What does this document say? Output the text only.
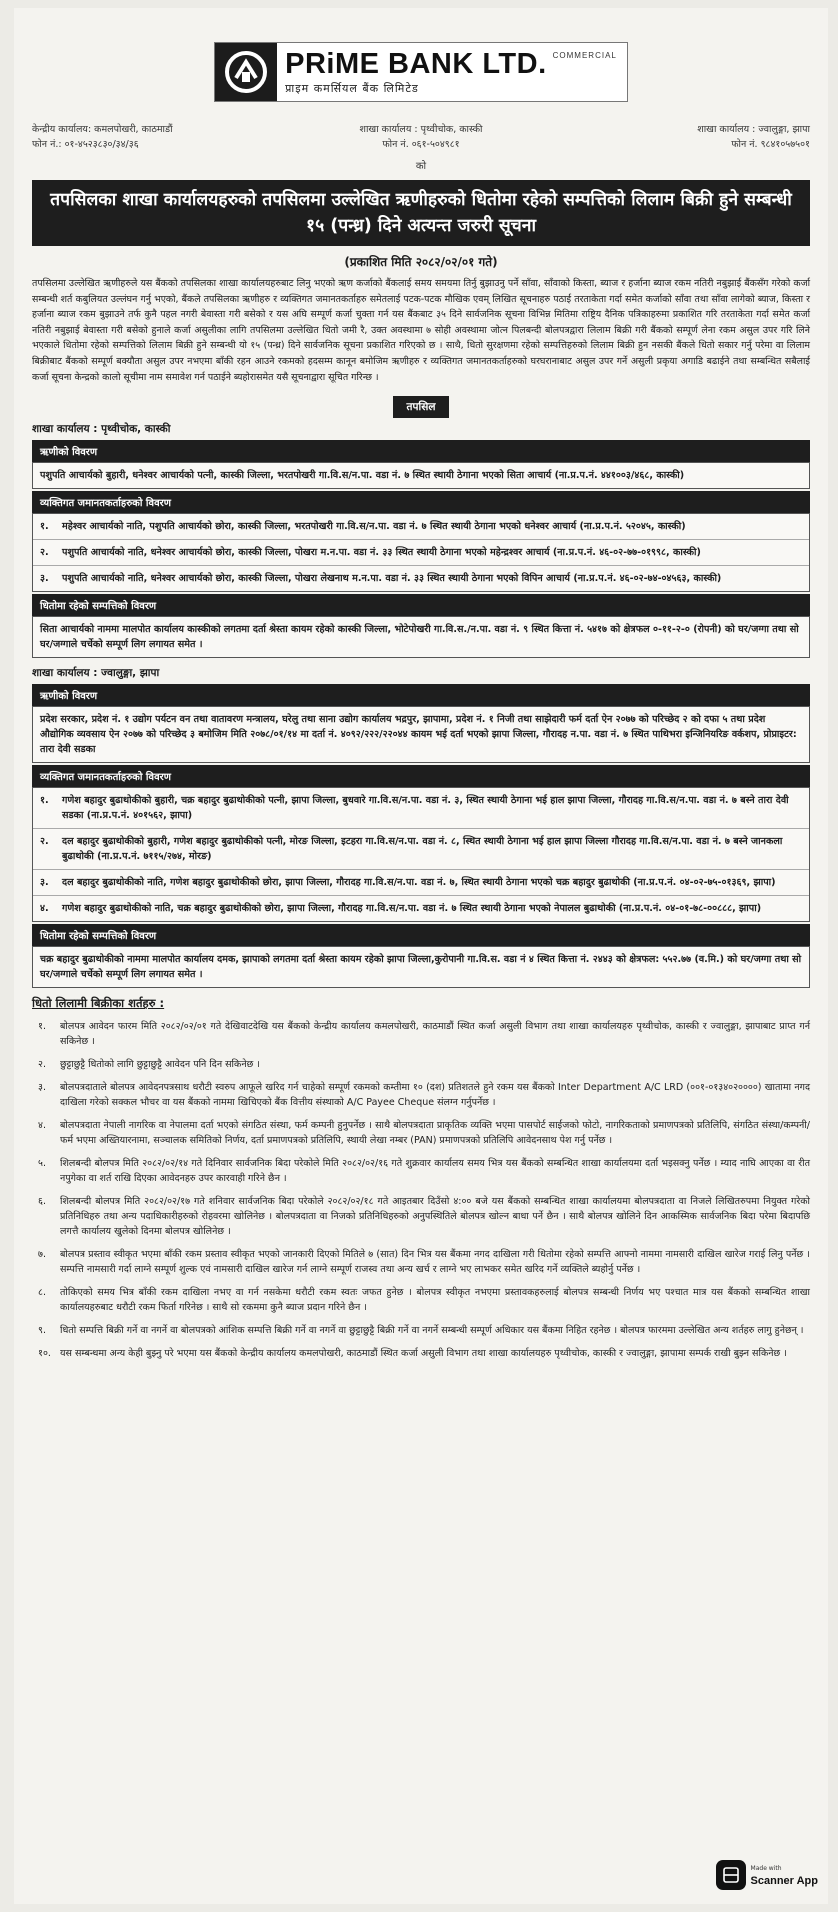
PRiME BANK LTD. COMMERCIAL
प्राइम कमर्सियल बैंक लिमिटेड
केन्द्रीय कार्यालय: कमलपोखरी, काठमाडौं
फोन नं.: ०१-४५२३८३०/३४/३६
शाखा कार्यालय : पृथ्वीचोक, कास्की
फोन नं. ०६१-५०४९८१
शाखा कार्यालय : ज्वालुङ्गा, झापा
फोन नं. ९८४१०५७५०१
को
तपसिलका शाखा कार्यालयहरुको तपसिलमा उल्लेखित ऋणीहरुको धितोमा रहेको सम्पत्तिको लिलाम बिक्री हुने सम्बन्धी १५ (पन्ध्र) दिने अत्यन्त जरुरी सूचना
(प्रकाशित मिति २०८२/०२/०१ गते)

तपसिलमा उल्लेखित ऋणीहरुले यस बैंकको तपसिलका शाखा कार्यालयहरुबाट लिनु भएको ऋण कर्जाको बैंकलाई समय समयमा तिर्नु बुझाउनु पर्ने साँवा, साँवाको किस्ता, ब्याज र हर्जाना ब्याज रकम नतिरी नबुझाई बैंकसँग गरेको कर्जा सम्बन्धी शर्त कबुलियत उल्लंघन गर्नु भएको, बैंकले तपसिलका ऋणीहरु र व्यक्तिगत जमानतकर्ताहरु समेतलाई पटक-पटक मौखिक एवम् लिखित सूचनाहरु पठाई तरताकेता गर्दा समेत कर्जाको साँवा तथा साँवा लागेको ब्याज, किस्ता र हर्जाना ब्याज रकम बुझाउने तर्फ कुनै पहल नगरी बेवास्ता गरी बसेको र यस अघि सम्पूर्ण कर्जा चुक्ता गर्न यस बैंकबाट ३५ दिने सार्वजनिक सूचना विभिन्न मितिमा राष्ट्रिय दैनिक पत्रिकाहरुमा प्रकाशित गरि तरताकेता गर्दा समेत कर्जा नतिरी नबुझाई बेवास्ता गरी बसेको हुनाले कर्जा असुलीका लागि तपसिलमा उल्लेखित धितो जमी रै, उक्त अवस्थामा ७ सोही अवस्थामा जोत्न पिलबन्दी बोलपत्रद्वारा लिलाम बिक्री गरी बैंकको सम्पूर्ण लेना रकम असुल उपर गरि लिने भएकाले धितोमा रहेको सम्पत्तिको लिलाम बिक्री हुने सम्बन्धी यो १५ (पन्ध्र) दिने सार्वजनिक सूचना प्रकाशित गरिएको छ । साथै, धितो सुरक्षणमा रहेको सम्पत्तिहरुको लिलाम बिक्री हुन नसकी बैंकले धितो सकार गर्नु परेमा वा लिलाम बिक्रीबाट बैंकको सम्पूर्ण बक्यौता असुल उपर नभएमा बाँकी रहन आउने रकमको हदसम्म कानून बमोजिम ऋणीहरु र व्यक्तिगत जमानतकर्ताहरुको घरघरानाबाट असुल उपर गर्ने असुली प्रकृया अगाडि बढाईने तथा सम्बन्धित सबैलाई कर्जा सूचना केन्द्रको कालो सूचीमा नाम समावेश गर्न पठाईने ब्यहोरासमेत यसै सूचनाद्वारा सूचित गरिन्छ ।

तपसिल
शाखा कार्यालय : पृथ्वीचोक, कास्की
ऋणीको विवरण
पशुपति आचार्यको बुहारी, धनेश्वर आचार्यको पत्नी, कास्की जिल्ला, भरतपोखरी गा.वि.स/न.पा. वडा नं. ७ स्थित स्थायी ठेगाना भएको सिता आचार्य (ना.प्र.प.नं. ४४१००३/४६८, कास्की)
व्यक्तिगत जमानतकर्ताहरुको विवरण
१.	महेश्वर आचार्यको नाति, पशुपति आचार्यको छोरा, कास्की जिल्ला, भरतपोखरी गा.वि.स/न.पा. वडा नं. ७ स्थित स्थायी ठेगाना भएको धनेश्वर आचार्य (ना.प्र.प.नं. ५२०४५, कास्की)
२.	पशुपति आचार्यको नाति, धनेश्वर आचार्यको छोरा, कास्की जिल्ला, पोखरा म.न.पा. वडा नं. ३३ स्थित स्थायी ठेगाना भएको महेन्द्रश्वर आचार्य (ना.प्र.प.नं. ४६-०२-७७-०१९९८, कास्की)
३.	पशुपति आचार्यको नाति, धनेश्वर आचार्यको छोरा, कास्की जिल्ला, पोखरा लेखनाथ म.न.पा. वडा नं. ३३ स्थित स्थायी ठेगाना भएको विपिन आचार्य (ना.प्र.प.नं. ४६-०२-७४-०४५६३, कास्की)
धितोमा रहेको सम्पत्तिको विवरण
सिता आचार्यको नाममा मालपोत कार्यालय कास्कीको लगतमा दर्ता श्रेस्ता कायम रहेको कास्की जिल्ला, भोटेपोखरी गा.वि.स./न.पा. वडा नं. ९ स्थित कित्ता नं. ५४१७ को क्षेत्रफल ०-११-२-० (रोपनी) को घर/जग्गा तथा सो घर/जग्गाले चर्चेको सम्पूर्ण लिग लगायत समेत ।
शाखा कार्यालय : ज्वालुङ्गा, झापा
ऋणीको विवरण
प्रदेश सरकार, प्रदेश नं. १ उद्योग पर्यटन वन तथा वातावरण मन्त्रालय, घरेलु तथा साना उद्योग कार्यालय भद्रपुर, झापामा, प्रदेश नं. १ निजी तथा साझेदारी फर्म दर्ता ऐन २०७७ को परिच्छेद २ को दफा ५ तथा प्रदेश औद्योगिक व्यवसाय ऐन २०७७ को परिच्छेद ३ बमोजिम मिति २०७८/०१/१४ मा दर्ता नं. ४०९२/२२२/२२०४४ कायम भई दर्ता भएको झापा जिल्ला, गौरादह न.पा. वडा नं. ७ स्थित पाथिभरा इन्जिनियरिङ वर्कशप, प्रोप्राइटर: तारा देवी सडका
व्यक्तिगत जमानतकर्ताहरुको विवरण
१.	गणेश बहादुर बुढाथोकीको बुहारी, चक्र बहादुर बुढाथोकीको पत्नी, झापा जिल्ला, बुधवारे गा.वि.स/न.पा. वडा नं. ३, स्थित स्थायी ठेगाना भई हाल झापा जिल्ला, गौरादह गा.वि.स/न.पा. वडा नं. ७ बस्ने तारा देवी सडका (ना.प्र.प.नं. ४०१५६२, झापा)
२.	दल बहादुर बुढाथोकीको बुहारी, गणेश बहादुर बुढाथोकीको पत्नी, मोरङ जिल्ला, इटहरा गा.वि.स/न.पा. वडा नं. ८, स्थित स्थायी ठेगाना भई हाल झापा जिल्ला गौरादह गा.वि.स/न.पा. वडा नं. ७ बस्ने जानकला बुढाथोकी (ना.प्र.प.नं. ७११५/२७४, मोरङ)
३.	दल बहादुर बुढाथोकीको नाति, गणेश बहादुर बुढाथोकीको छोरा, झापा जिल्ला, गौरादह गा.वि.स/न.पा. वडा नं. ७, स्थित स्थायी ठेगाना भएको चक्र बहादुर बुढाथोकी (ना.प्र.प.नं. ०४-०२-७५-०१३६९, झापा)
४.	गणेश बहादुर बुढाथोकीको नाति, चक्र बहादुर बुढाथोकीको छोरा, झापा जिल्ला, गौरादह गा.वि.स/न.पा. वडा नं. ७ स्थित स्थायी ठेगाना भएको नेपालल बुढाथोकी (ना.प्र.प.नं. ०४-०१-७८-००८८८, झापा)
धितोमा रहेको सम्पत्तिको विवरण
चक्र बहादुर बुढाथोकीको नाममा मालपोत कार्यालय दमक, झापाको लगतमा दर्ता श्रेस्ता कायम रहेको झापा जिल्ला,कुरोपानी गा.वि.स. वडा नं ४ स्थित कित्ता नं. २४४३ को क्षेत्रफल: ५५२.७७ (व.मि.) को घर/जग्गा तथा सो घर/जग्गाले चर्चेको सम्पूर्ण लिग लगायत समेत ।
धितो लिलामी बिक्रीका शर्तहरु :
१.	बोलपत्र आवेदन फारम मिति २०८२/०२/०१ गते देखिवाटदेखि यस बैंकको केन्द्रीय कार्यालय कमलपोखरी, काठमाडौं स्थित कर्जा असुली विभाग तथा शाखा कार्यालयहरु पृथ्वीचोक, कास्की र ज्वालुङ्गा, झापाबाट प्राप्त गर्न सकिनेछ ।
२.	छुट्टाछुट्टै धितोको लागि छुट्टाछुट्टै आवेदन पनि दिन सकिनेछ ।
३.	बोलपत्रदाताले बोलपत्र आवेदनपत्रसाथ धरौटी स्वरुप आफूले खरिद गर्न चाहेको सम्पूर्ण रकमको कम्तीमा १० (दश) प्रतिशतले हुने रकम यस बैंकको Inter Department A/C LRD (००१-०१३४०२००००) खातामा नगद दाखिला गरेको सक्कल भौचर वा यस बैंकको नाममा खिचिएको बैंक वित्तीय संस्थाको A/C Payee Cheque संलग्न गर्नुपर्नेछ ।
४.	बोलपत्रदाता नेपाली नागरिक वा नेपालमा दर्ता भएको संगठित संस्था, फर्म कम्पनी हुनुपर्नेछ । साथै बोलपत्रदाता प्राकृतिक व्यक्ति भएमा पासपोर्ट साईजको फोटो, नागरिकताको प्रमाणपत्रको प्रतिलिपि, संगठित संस्था/कम्पनी/फर्म भएमा अख्तियारनामा, सञ्चालक समितिको निर्णय, दर्ता प्रमाणपत्रको प्रतिलिपि, स्थायी लेखा नम्बर (PAN) प्रमाणपत्रको प्रतिलिपि आवेदनसाथ पेश गर्नु पर्नेछ ।
५.	शिलबन्दी बोलपत्र मिति २०८२/०२/१४ गते दिनिवार सार्वजनिक बिदा परेकोले मिति २०८२/०२/१६ गते शुक्रवार कार्यालय समय भित्र यस बैंकको सम्बन्धित शाखा कार्यालयमा दर्ता भइसक्नु पर्नेछ । म्याद नाघि आएका वा रीत नपुगेका वा शर्त राखि दिएका आवेदनहरु उपर कारवाही गरिने छैन ।
६.	शिलबन्दी बोलपत्र मिति २०८२/०२/१७ गते शनिवार सार्वजनिक बिदा परेकोले २०८२/०२/१८ गते आइतबार दिउँसो ४:०० बजे यस बैंकको सम्बन्धित शाखा कार्यालयमा बोलपत्रदाता वा निजले लिखितरुपमा नियुक्त गरेको प्रतिनिधिहरु तथा अन्य पदाधिकारीहरुको रोहवरमा खोलिनेछ । बोलपत्रदाता वा निजको प्रतिनिधिहरुको अनुपस्थितिले बोलपत्र खोल्न बाधा पर्ने छैन । साथै बोलपत्र खोलिने दिन आकस्मिक सार्वजनिक बिदा परेमा बिदापछि लगत्तै कार्यालय खुलेको दिनमा बोलपत्र खोलिनेछ ।
७.	बोलपत्र प्रस्ताव स्वीकृत भएमा बाँकी रकम प्रस्ताव स्वीकृत भएको जानकारी दिएको मितिले ७ (सात) दिन भित्र यस बैंकमा नगद दाखिला गरी धितोमा रहेको सम्पत्ति आफ्नो नाममा नामसारी दाखिल खारेज गराई लिनु पर्नेछ । सम्पत्ति नामसारी गर्दा लाग्ने सम्पूर्ण शुल्क एवं नामसारी दाखिल खारेज गर्न लाग्ने सम्पूर्ण राजस्व तथा अन्य खर्च र लाग्ने भए लाभकर समेत खरिद गर्ने व्यक्तिले ब्यहोर्नु पर्नेछ ।
८.	तोकिएको समय भित्र बाँकी रकम दाखिला नभए वा गर्न नसकेमा धरौटी रकम स्वतः जफत हुनेछ । बोलपत्र स्वीकृत नभएमा प्रस्तावकहरुलाई बोलपत्र सम्बन्धी निर्णय भए पश्चात मात्र यस बैंकको सम्बन्धित शाखा कार्यालयहरुबाट धरौटी रकम फिर्ता गरिनेछ । साथै सो रकममा कुनै ब्याज प्रदान गरिने छैन ।
९.	धितो सम्पत्ति बिक्री गर्ने वा नगर्ने वा बोलपत्रको आंशिक सम्पत्ति बिक्री गर्ने वा नगर्ने वा छुट्टाछुट्टै बिक्री गर्ने वा नगर्ने सम्बन्धी सम्पूर्ण अधिकार यस बैंकमा निहित रहनेछ । बोलपत्र फारममा उल्लेखित अन्य शर्तहरु लागु हुनेछन् ।
१०. यस सम्बन्धमा अन्य केही बुझ्नु परे भएमा यस बैंकको केन्द्रीय कार्यालय कमलपोखरी, काठमाडौं स्थित कर्जा असुली विभाग तथा शाखा कार्यालयहरु पृथ्वीचोक, कास्की र ज्वालुङ्गा, झापामा सम्पर्क राखी बुझ्न सकिनेछ ।
Made with
Scanner App
